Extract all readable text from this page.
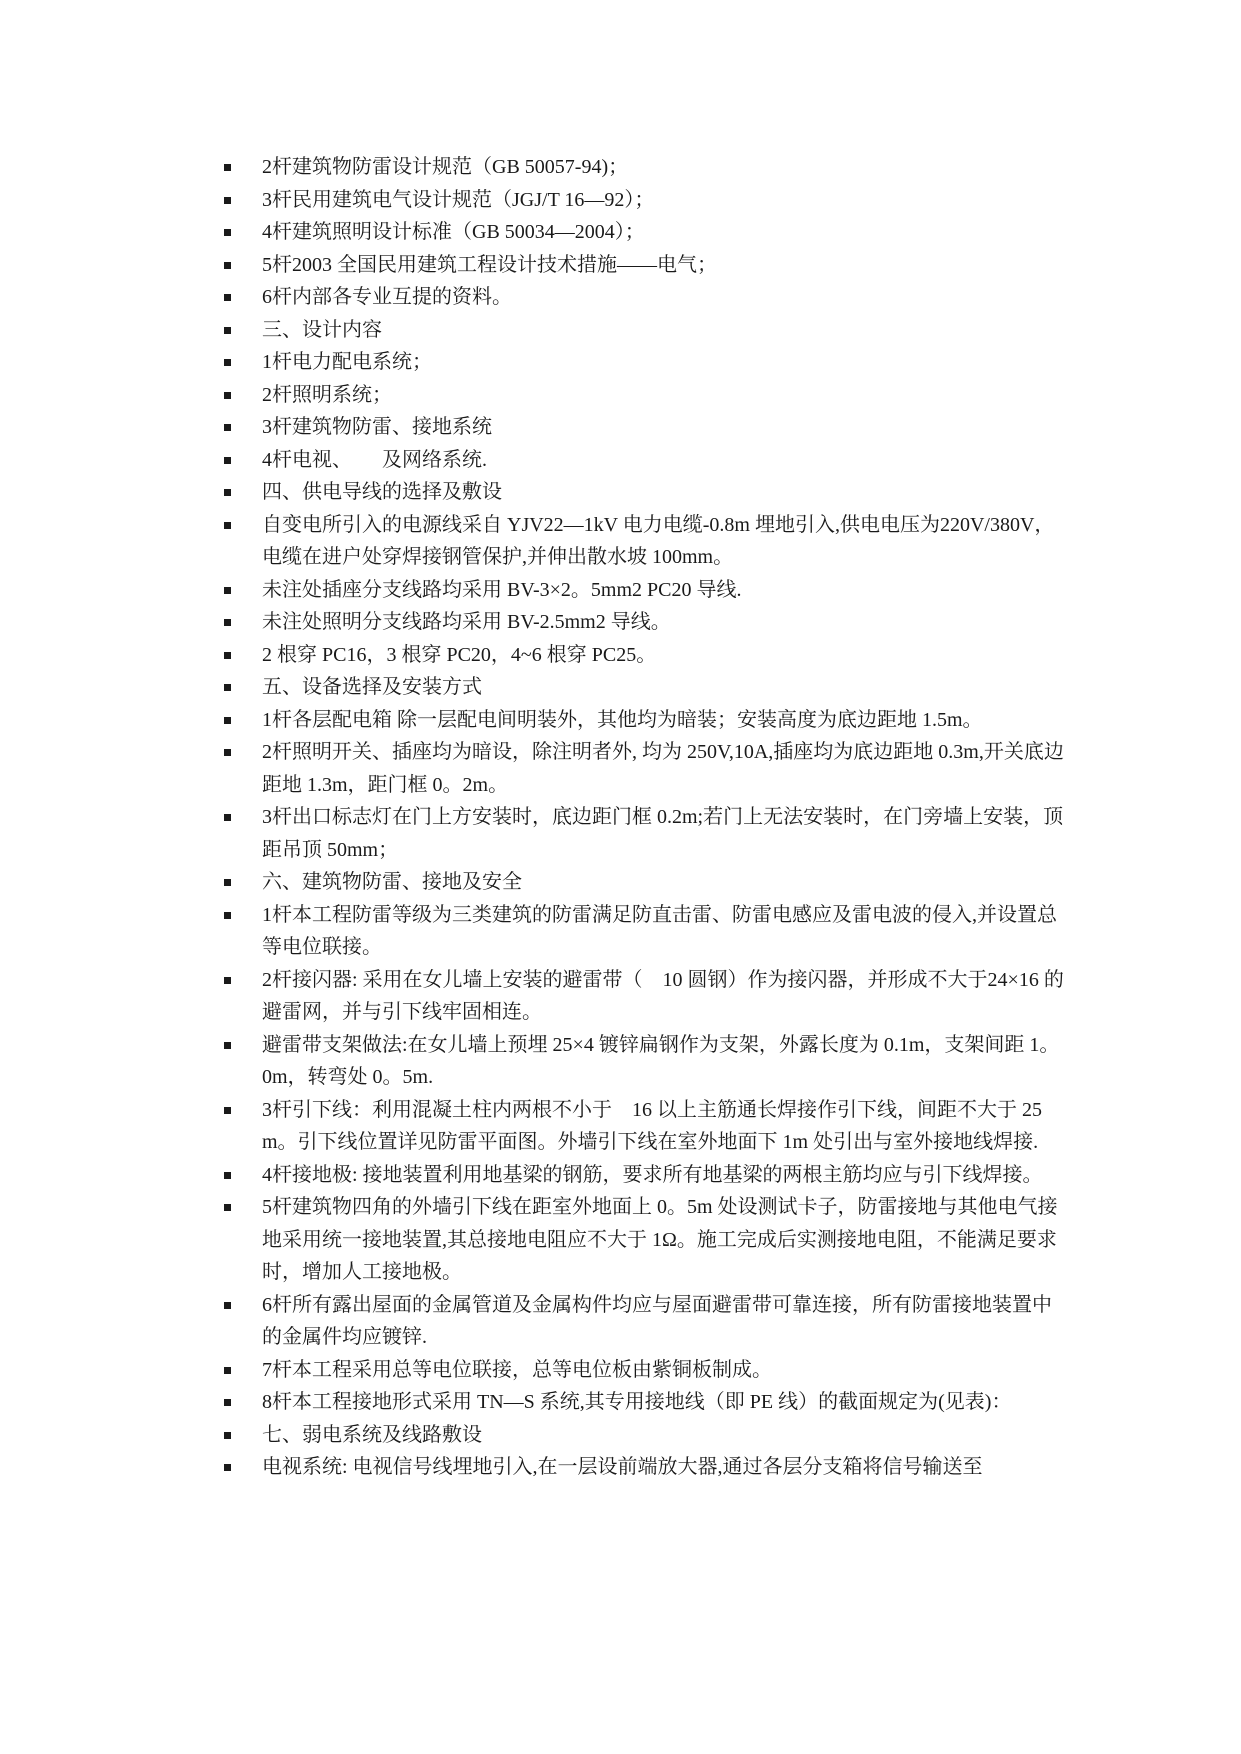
2杆建筑物防雷设计规范（GB 50057-94)；
3杆民用建筑电气设计规范（JGJ/T 16—92）；
4杆建筑照明设计标准（GB 50034—2004）；
5杆2003 全国民用建筑工程设计技术措施——电气；
6杆内部各专业互提的资料。
三、设计内容
1杆电力配电系统；
2杆照明系统；
3杆建筑物防雷、接地系统
4杆电视、　　及网络系统.
四、供电导线的选择及敷设
自变电所引入的电源线采自 YJV22—1kV 电力电缆-0.8m 埋地引入,供电电压为220V/380V，电缆在进户处穿焊接钢管保护,并伸出散水坡 100mm。
未注处插座分支线路均采用 BV-3×2。5mm2 PC20 导线.
未注处照明分支线路均采用 BV-2.5mm2 导线。
2 根穿 PC16，3 根穿 PC20，4~6 根穿 PC25。
五、设备选择及安装方式
1杆各层配电箱 除一层配电间明装外，其他均为暗装；安装高度为底边距地 1.5m。
2杆照明开关、插座均为暗设，除注明者外, 均为 250V,10A,插座均为底边距地 0.3m,开关底边距地 1.3m，距门框 0。2m。
3杆出口标志灯在门上方安装时，底边距门框 0.2m;若门上无法安装时，在门旁墙上安装，顶距吊顶 50mm；
六、建筑物防雷、接地及安全
1杆本工程防雷等级为三类建筑的防雷满足防直击雷、防雷电感应及雷电波的侵入,并设置总等电位联接。
2杆接闪器: 采用在女儿墙上安装的避雷带（　10 圆钢）作为接闪器，并形成不大于24×16 的避雷网，并与引下线牢固相连。
避雷带支架做法:在女儿墙上预埋 25×4 镀锌扁钢作为支架，外露长度为 0.1m，支架间距 1。0m，转弯处 0。5m.
3杆引下线：利用混凝土柱内两根不小于　16 以上主筋通长焊接作引下线，间距不大于 25m。引下线位置详见防雷平面图。外墙引下线在室外地面下 1m 处引出与室外接地线焊接.
4杆接地极: 接地装置利用地基梁的钢筋，要求所有地基梁的两根主筋均应与引下线焊接。
5杆建筑物四角的外墙引下线在距室外地面上 0。5m 处设测试卡子，防雷接地与其他电气接地采用统一接地装置,其总接地电阻应不大于 1Ω。施工完成后实测接地电阻，不能满足要求时，增加人工接地极。
6杆所有露出屋面的金属管道及金属构件均应与屋面避雷带可靠连接，所有防雷接地装置中的金属件均应镀锌.
7杆本工程采用总等电位联接，总等电位板由紫铜板制成。
8杆本工程接地形式采用 TN—S 系统,其专用接地线（即 PE 线）的截面规定为(见表)：
七、弱电系统及线路敷设
电视系统: 电视信号线埋地引入,在一层设前端放大器,通过各层分支箱将信号输送至
